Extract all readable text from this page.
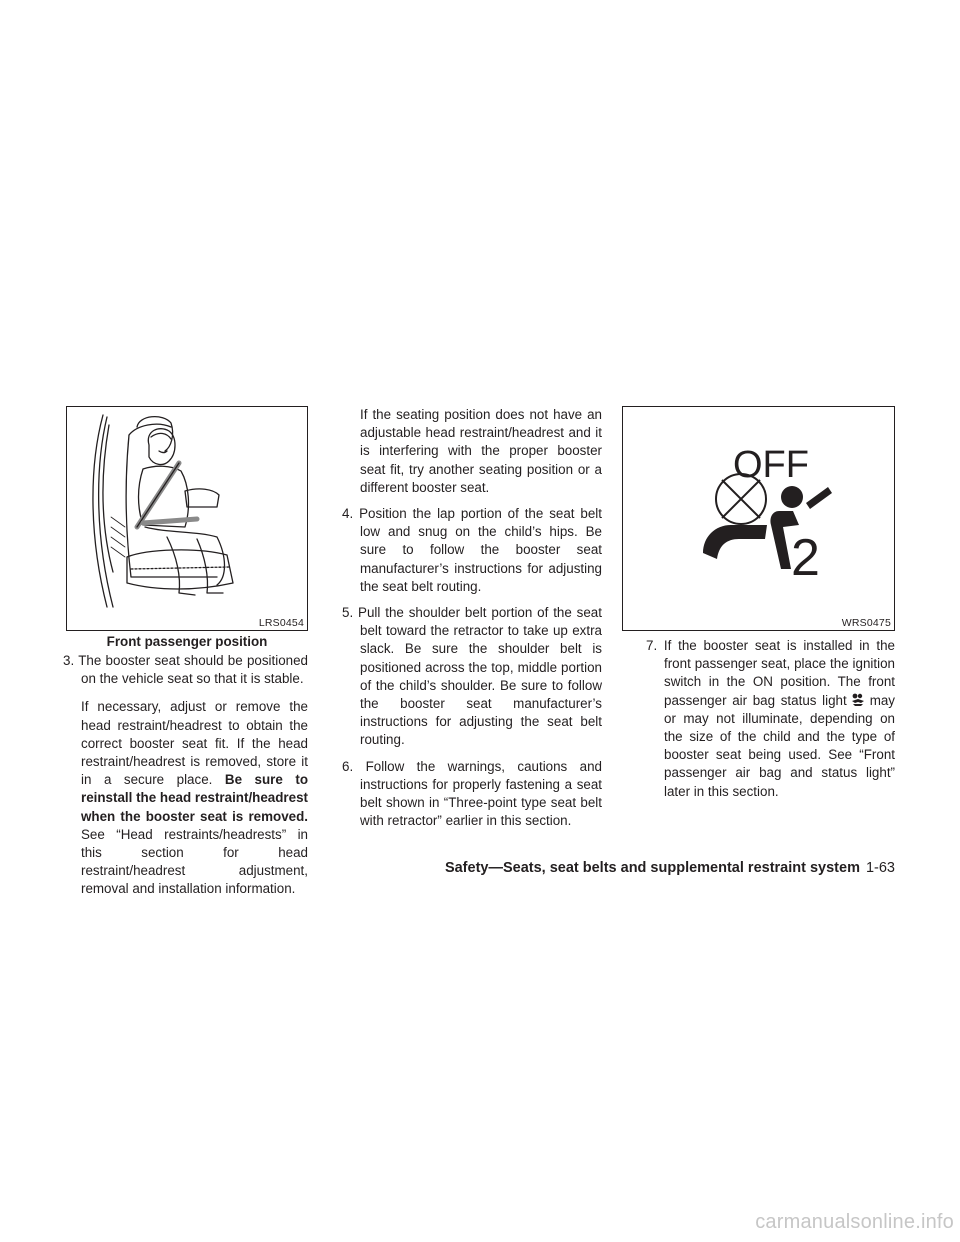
LRS0454
Front passenger position

3. The booster seat should be positioned on the vehicle seat so that it is stable.

If necessary, adjust or remove the head restraint/headrest to obtain the correct booster seat fit. If the head restraint/headrest is removed, store it in a secure place. Be sure to reinstall the head restraint/headrest when the booster seat is removed. See “Head restraints/headrests” in this section for head restraint/headrest adjustment, removal and installation information.

If the seating position does not have an adjustable head restraint/headrest and it is interfering with the proper booster seat fit, try another seating position or a different booster seat.

4. Position the lap portion of the seat belt low and snug on the child’s hips. Be sure to follow the booster seat manufacturer’s instructions for adjusting the seat belt routing.

5. Pull the shoulder belt portion of the seat belt toward the retractor to take up extra slack. Be sure the shoulder belt is positioned across the top, middle portion of the child’s shoulder. Be sure to follow the booster seat manufacturer’s instructions for adjusting the seat belt routing.

6. Follow the warnings, cautions and instructions for properly fastening a seat belt shown in “Three-point type seat belt with retractor” earlier in this section.

OFF
2
WRS0475

7. If the booster seat is installed in the front passenger seat, place the ignition switch in the ON position. The front passenger air bag status light may or may not illuminate, depending on the size of the child and the type of booster seat being used. See “Front passenger air bag and status light” later in this section.

Safety—Seats, seat belts and supplemental restraint system 1-63
carmanualsonline.info
